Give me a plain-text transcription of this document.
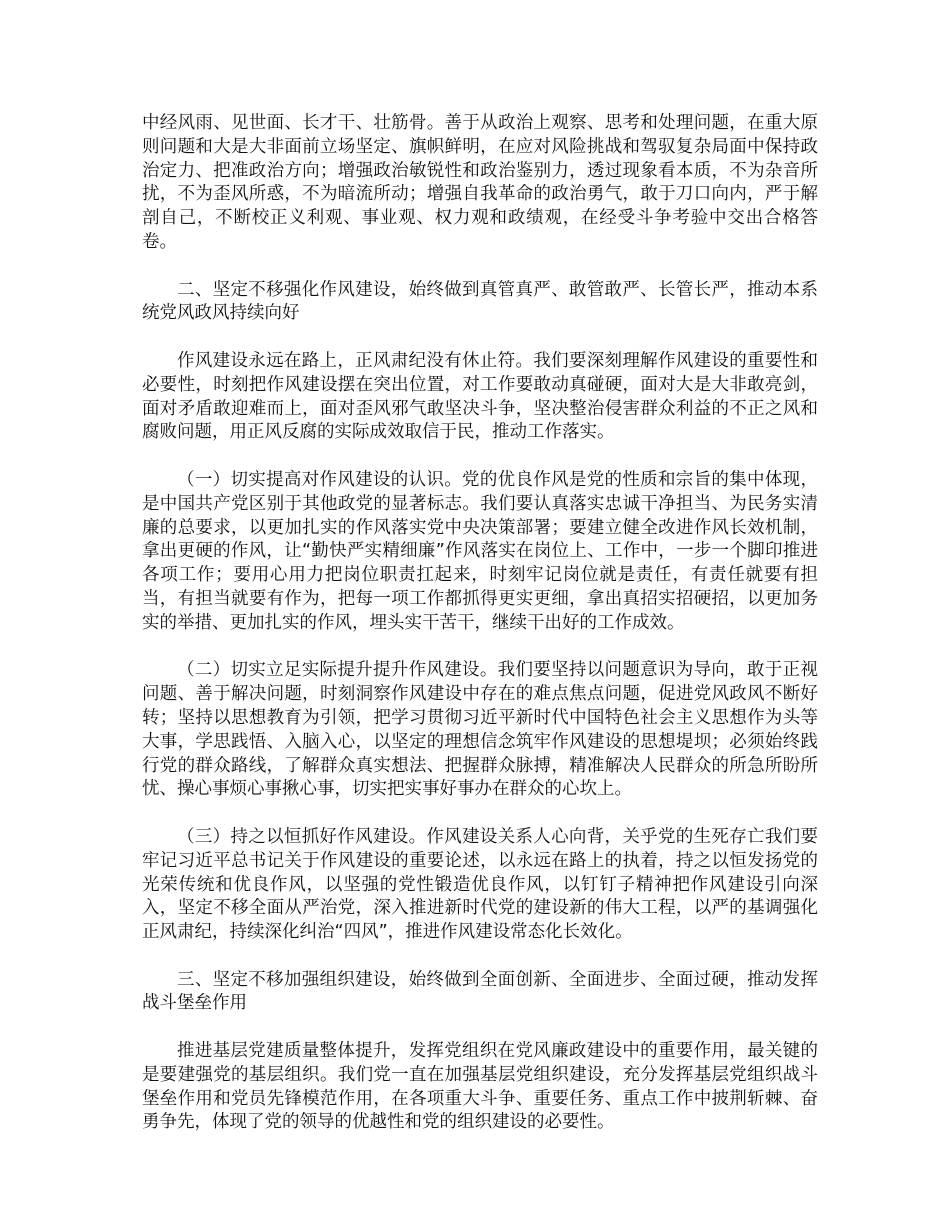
中经风雨、见世面、长才干、壮筋骨。善于从政治上观察、思考和处理问题，在重大原则问题和大是大非面前立场坚定、旗帜鲜明，在应对风险挑战和驾驭复杂局面中保持政治定力、把准政治方向；增强政治敏锐性和政治鉴别力，透过现象看本质，不为杂音所扰，不为歪风所惑，不为暗流所动；增强自我革命的政治勇气，敢于刀口向内，严于解剖自己，不断校正义利观、事业观、权力观和政绩观，在经受斗争考验中交出合格答卷。

二、坚定不移强化作风建设，始终做到真管真严、敢管敢严、长管长严，推动本系统党风政风持续向好

作风建设永远在路上，正风肃纪没有休止符。我们要深刻理解作风建设的重要性和必要性，时刻把作风建设摆在突出位置，对工作要敢动真碰硬，面对大是大非敢亮剑，面对矛盾敢迎难而上，面对歪风邪气敢坚决斗争，坚决整治侵害群众利益的不正之风和腐败问题，用正风反腐的实际成效取信于民，推动工作落实。

（一）切实提高对作风建设的认识。党的优良作风是党的性质和宗旨的集中体现，是中国共产党区别于其他政党的显著标志。我们要认真落实忠诚干净担当、为民务实清廉的总要求，以更加扎实的作风落实党中央决策部署；要建立健全改进作风长效机制，拿出更硬的作风，让“勤快严实精细廉”作风落实在岗位上、工作中，一步一个脚印推进各项工作；要用心用力把岗位职责扛起来，时刻牢记岗位就是责任，有责任就要有担当，有担当就要有作为，把每一项工作都抓得更实更细，拿出真招实招硬招，以更加务实的举措、更加扎实的作风，埋头实干苦干，继续干出好的工作成效。

（二）切实立足实际提升提升作风建设。我们要坚持以问题意识为导向，敢于正视问题、善于解决问题，时刻洞察作风建设中存在的难点焦点问题，促进党风政风不断好转；坚持以思想教育为引领，把学习贯彻习近平新时代中国特色社会主义思想作为头等大事，学思践悟、入脑入心，以坚定的理想信念筑牢作风建设的思想堤坝；必须始终践行党的群众路线，了解群众真实想法、把握群众脉搏，精准解决人民群众的所急所盼所忧、操心事烦心事揪心事，切实把实事好事办在群众的心坎上。

（三）持之以恒抓好作风建设。作风建设关系人心向背，关乎党的生死存亡我们要牢记习近平总书记关于作风建设的重要论述，以永远在路上的执着，持之以恒发扬党的光荣传统和优良作风，以坚强的党性锻造优良作风，以钉钉子精神把作风建设引向深入，坚定不移全面从严治党，深入推进新时代党的建设新的伟大工程，以严的基调强化正风肃纪，持续深化纠治“四风”，推进作风建设常态化长效化。

三、坚定不移加强组织建设，始终做到全面创新、全面进步、全面过硬，推动发挥战斗堡垒作用

推进基层党建质量整体提升，发挥党组织在党风廉政建设中的重要作用，最关键的是要建强党的基层组织。我们党一直在加强基层党组织建设，充分发挥基层党组织战斗堡垒作用和党员先锋模范作用，在各项重大斗争、重要任务、重点工作中披荆斩棘、奋勇争先，体现了党的领导的优越性和党的组织建设的必要性。
